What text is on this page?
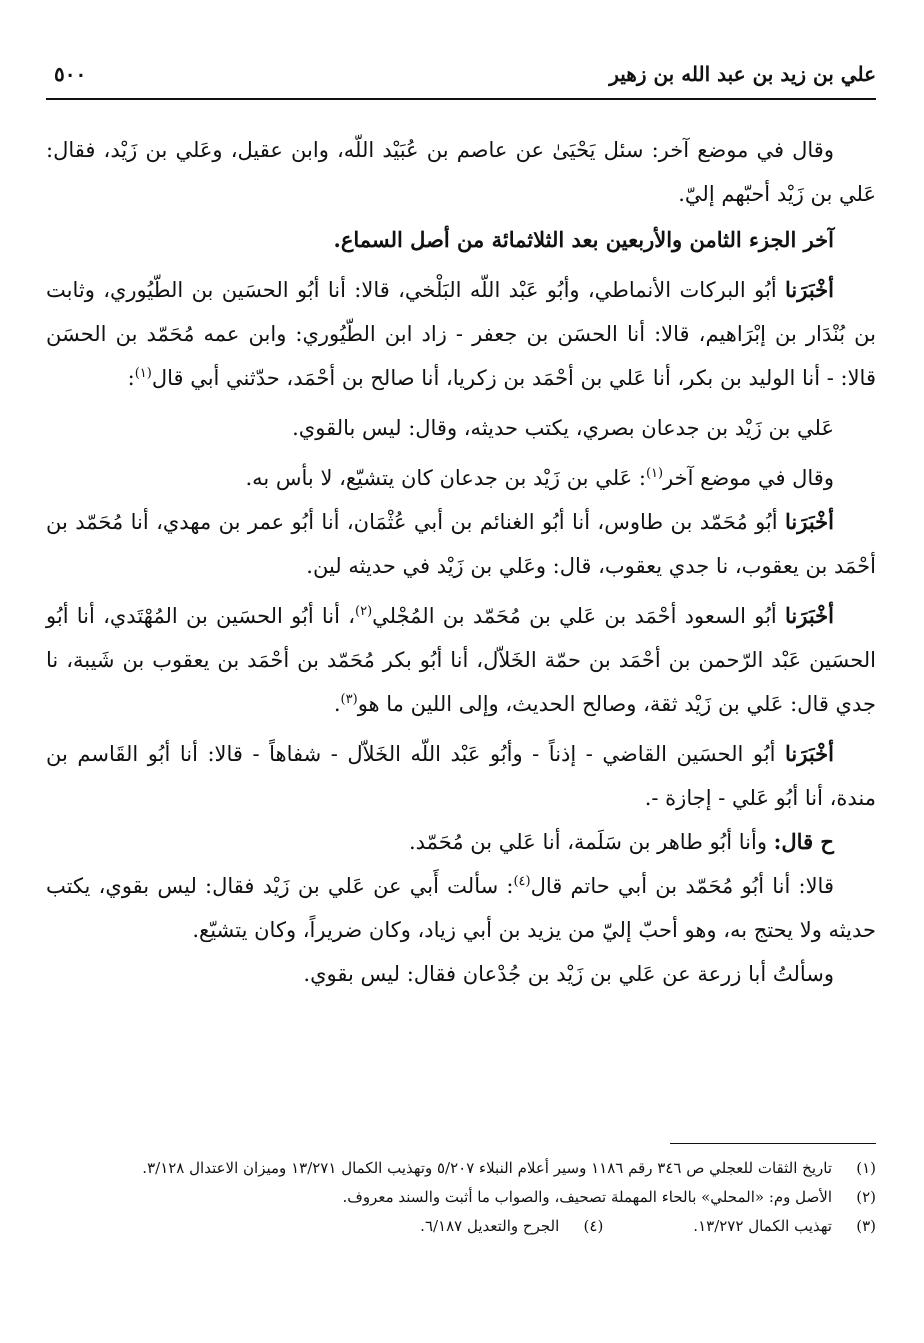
علي بن زيد بن عبد الله بن زهير
٥٠٠

وقال في موضع آخر: سئل يَحْيَىٰ عن عاصم بن عُبَيْد اللّه، وابن عقيل، وعَلي بن زَيْد، فقال: عَلي بن زَيْد أحبّهم إليّ.

آخر الجزء الثامن والأربعين بعد الثلاثمائة من أصل السماع.

أخْبَرَنا أبُو البركات الأنماطي، وأبُو عَبْد اللّه البَلْخي، قالا: أنا أبُو الحسَين بن الطّيُوري، وثابت بن بُنْدَار بن إبْرَاهيم، قالا: أنا الحسَن بن جعفر - زاد ابن الطّيُوري: وابن عمه مُحَمّد بن الحسَن قالا: - أنا الوليد بن بكر، أنا عَلي بن أحْمَد بن زكريا، أنا صالح بن أحْمَد، حدّثني أبي قال$^{(١)}$:

عَلي بن زَيْد بن جدعان بصري، يكتب حديثه، وقال: ليس بالقوي.

وقال في موضع آخر$^{(١)}$: عَلي بن زَيْد بن جدعان كان يتشيّع، لا بأس به.

أخْبَرَنا أبُو مُحَمّد بن طاوس، أنا أبُو الغنائم بن أبي عُثْمَان، أنا أبُو عمر بن مهدي، أنا مُحَمّد بن أحْمَد بن يعقوب، نا جدي يعقوب، قال: وعَلي بن زَيْد في حديثه لين.

أخْبَرَنا أبُو السعود أحْمَد بن عَلي بن مُحَمّد بن المُجْلي$^{(٢)}$، أنا أبُو الحسَين بن المُهْتَدي، أنا أبُو الحسَين عَبْد الرّحمن بن أحْمَد بن حمّة الخَلاّل، أنا أبُو بكر مُحَمّد بن أحْمَد بن يعقوب بن شَيبة، نا جدي قال: عَلي بن زَيْد ثقة، وصالح الحديث، وإلى اللين ما هو$^{(٣)}$.

أخْبَرَنا أبُو الحسَين القاضي - إذناً - وأبُو عَبْد اللّه الخَلاّل - شفاهاً - قالا: أنا أبُو القَاسم بن مندة، أنا أبُو عَلي - إجازة -.

ح قال: وأنا أبُو طاهر بن سَلَمة، أنا عَلي بن مُحَمّد.

قالا: أنا أبُو مُحَمّد بن أبي حاتم قال$^{(٤)}$: سألت أَبي عن عَلي بن زَيْد فقال: ليس بقوي، يكتب حديثه ولا يحتج به، وهو أحبّ إليّ من يزيد بن أبي زياد، وكان ضريراً، وكان يتشيّع.

وسألتُ أبا زرعة عن عَلي بن زَيْد بن جُدْعان فقال: ليس بقوي.

(١)
تاريخ الثقات للعجلي ص ٣٤٦ رقم ١١٨٦ وسير أعلام النبلاء ٥/٢٠٧ وتهذيب الكمال ١٣/٢٧١ وميزان الاعتدال ٣/١٢٨.
(٢)
الأصل وم: «المحلي» بالحاء المهملة تصحيف، والصواب ما أثبت والسند معروف.
(٣)
تهذيب الكمال ١٣/٢٧٢.
(٤)
الجرح والتعديل ٦/١٨٧.
